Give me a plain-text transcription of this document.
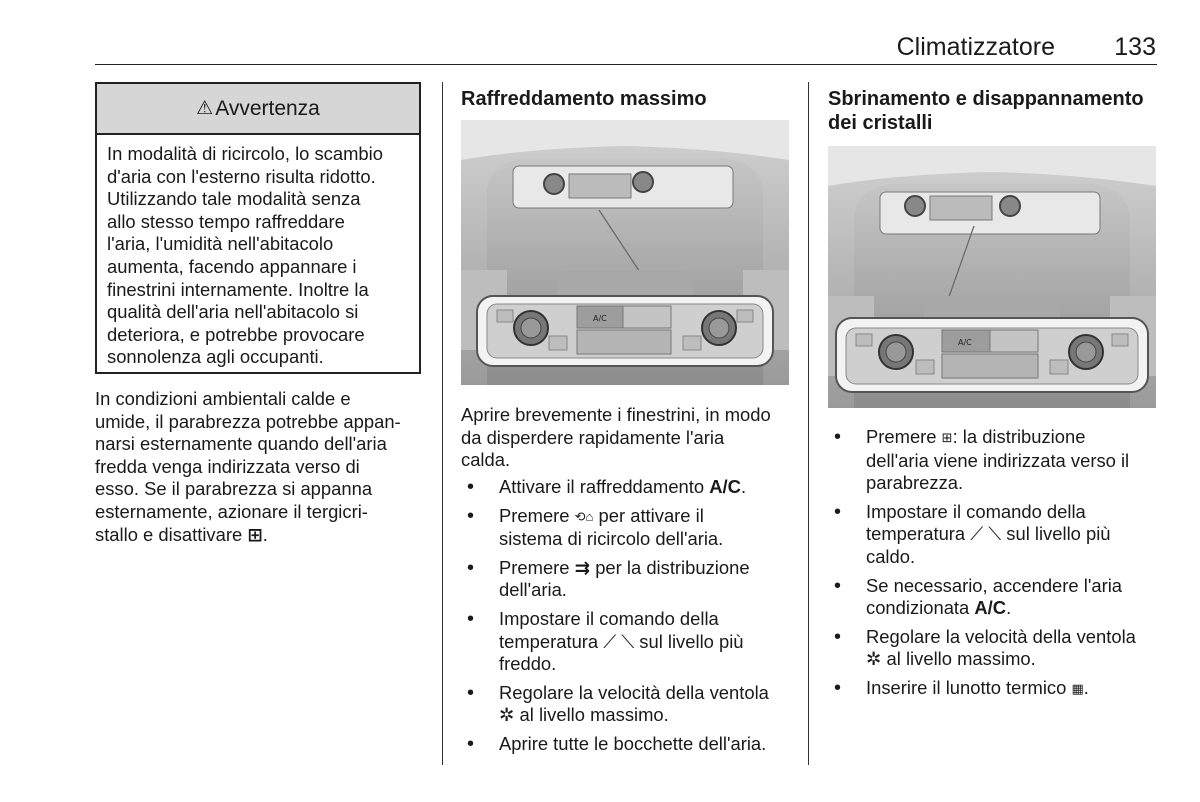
Climatizzatore 133
⚠ Avvertenza
In modalità di ricircolo, lo scambio
d'aria con l'esterno risulta ridotto.
Utilizzando tale modalità senza
allo stesso tempo raffreddare
l'aria, l'umidità nell'abitacolo
aumenta, facendo appannare i
finestrini internamente. Inoltre la
qualità dell'aria nell'abitacolo si
deteriora, e potrebbe provocare
sonnolenza agli occupanti.
In condizioni ambientali calde e
umide, il parabrezza potrebbe appan-
narsi esternamente quando dell'aria
fredda venga indirizzata verso di
esso. Se il parabrezza si appanna
esternamente, azionare il tergicri-
stallo e disattivare ⊞.
Raffreddamento massimo
A/C
Aprire brevemente i finestrini, in modo
da disperdere rapidamente l'aria
calda.
• Attivare il raffreddamento A/C.
• Premere ⟲⌂ per attivare il
sistema di ricircolo dell'aria.
• Premere ⇉ per la distribuzione
dell'aria.
• Impostare il comando della
temperatura ⟋ ⟍ sul livello più
freddo.
• Regolare la velocità della ventola
✲ al livello massimo.
• Aprire tutte le bocchette dell'aria.
Sbrinamento e disappannamento
dei cristalli
A/C
• Premere ⊞: la distribuzione
dell'aria viene indirizzata verso il
parabrezza.
• Impostare il comando della
temperatura ⟋ ⟍ sul livello più
caldo.
• Se necessario, accendere l'aria
condizionata A/C.
• Regolare la velocità della ventola
✲ al livello massimo.
• Inserire il lunotto termico ▦.
